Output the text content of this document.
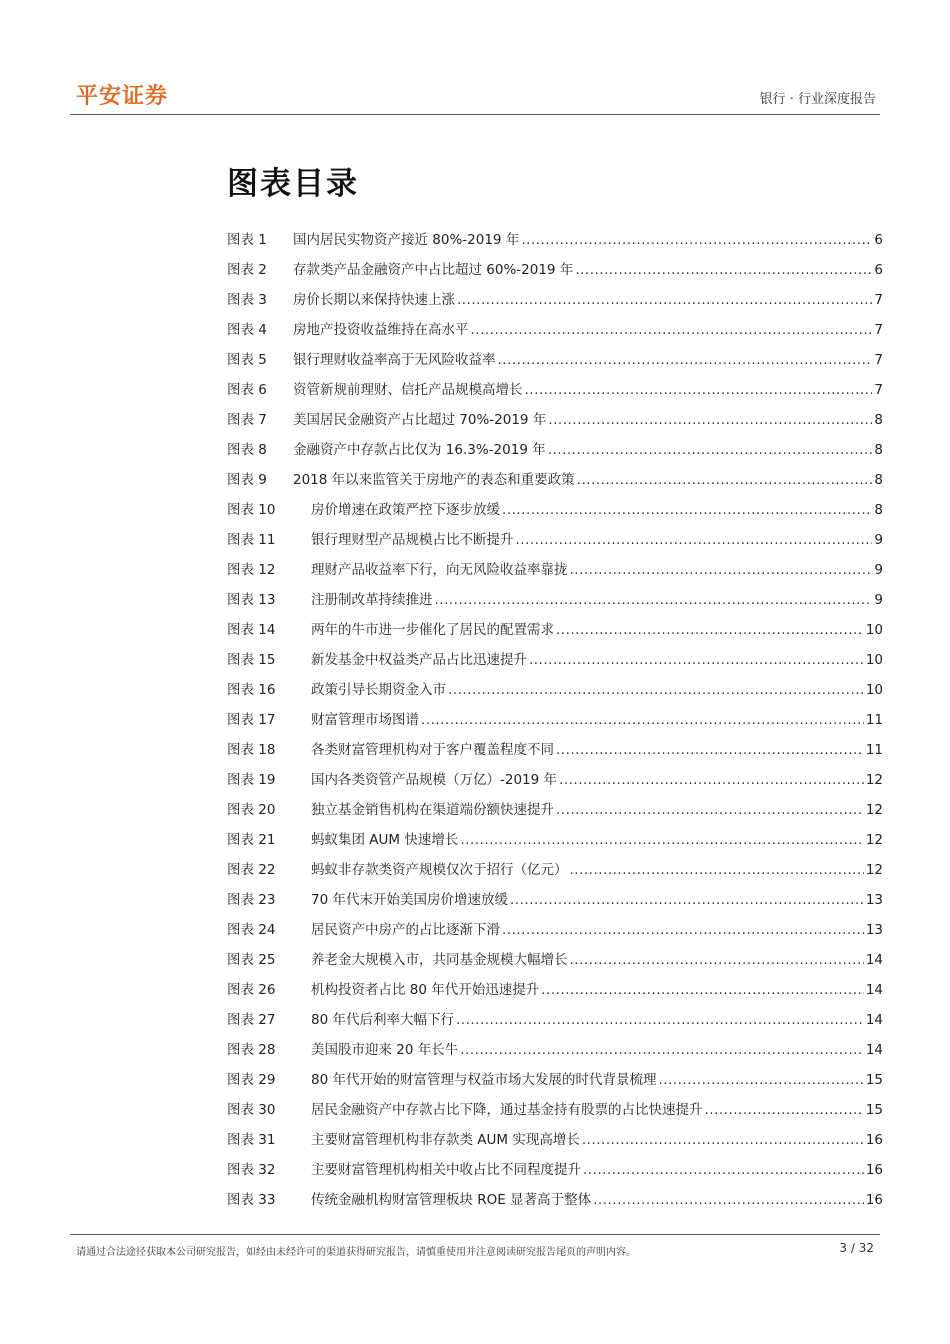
平安证券	银行 · 行业深度报告
图表目录
图表 1	国内居民实物资产接近 80%-2019 年 .....	6
图表 2	存款类产品金融资产中占比超过 60%-2019 年 .....	6
图表 3	房价长期以来保持快速上涨 .....	7
图表 4	房地产投资收益维持在高水平 .....	7
图表 5	银行理财收益率高于无风险收益率 .....	7
图表 6	资管新规前理财、信托产品规模高增长 .....	7
图表 7	美国居民金融资产占比超过 70%-2019 年 .....	8
图表 8	金融资产中存款占比仅为 16.3%-2019 年 .....	8
图表 9	2018 年以来监管关于房地产的表态和重要政策 .....	8
图表 10	房价增速在政策严控下逐步放缓 .....	8
图表 11	银行理财型产品规模占比不断提升 .....	9
图表 12	理财产品收益率下行，向无风险收益率靠拢 .....	9
图表 13	注册制改革持续推进 .....	9
图表 14	两年的牛市进一步催化了居民的配置需求 .....	10
图表 15	新发基金中权益类产品占比迅速提升 .....	10
图表 16	政策引导长期资金入市 .....	10
图表 17	财富管理市场图谱 .....	11
图表 18	各类财富管理机构对于客户覆盖程度不同 .....	11
图表 19	国内各类资管产品规模（万亿）-2019 年 .....	12
图表 20	独立基金销售机构在渠道端份额快速提升 .....	12
图表 21	蚂蚁集团 AUM 快速增长 .....	12
图表 22	蚂蚁非存款类资产规模仅次于招行（亿元） .....	12
图表 23	70 年代末开始美国房价增速放缓 .....	13
图表 24	居民资产中房产的占比逐渐下滑 .....	13
图表 25	养老金大规模入市，共同基金规模大幅增长 .....	14
图表 26	机构投资者占比 80 年代开始迅速提升 .....	14
图表 27	80 年代后利率大幅下行 .....	14
图表 28	美国股市迎来 20 年长牛 .....	14
图表 29	80 年代开始的财富管理与权益市场大发展的时代背景梳理 .....	15
图表 30	居民金融资产中存款占比下降，通过基金持有股票的占比快速提升 .....	15
图表 31	主要财富管理机构非存款类 AUM 实现高增长 .....	16
图表 32	主要财富管理机构相关中收占比不同程度提升 .....	16
图表 33	传统金融机构财富管理板块 ROE 显著高于整体 .....	16
请通过合法途径获取本公司研究报告，如经由未经许可的渠道获得研究报告，请慎重使用并注意阅读研究报告尾页的声明内容。	3 / 32
